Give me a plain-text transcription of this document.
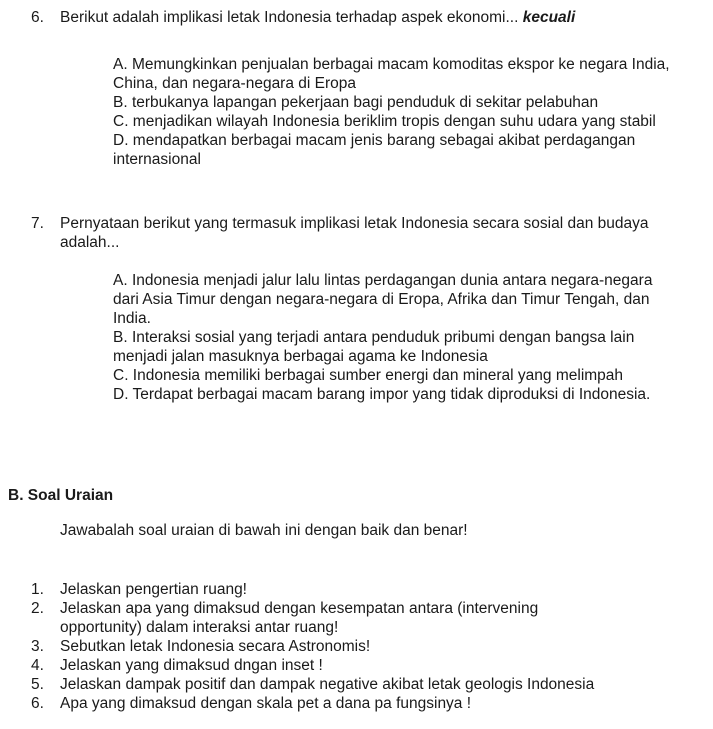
6. Berikut adalah implikasi letak Indonesia terhadap aspek ekonomi... kecuali

A. Memungkinkan penjualan berbagai macam komoditas ekspor ke negara India, China, dan negara-negara di Eropa

B. terbukanya lapangan pekerjaan bagi penduduk di sekitar pelabuhan

C. menjadikan wilayah Indonesia beriklim tropis dengan suhu udara yang stabil

D. mendapatkan berbagai macam jenis barang sebagai akibat perdagangan internasional

7. Pernyataan berikut yang termasuk implikasi letak Indonesia secara sosial dan budaya adalah...

A. Indonesia menjadi jalur lalu lintas perdagangan dunia antara negara-negara dari Asia Timur dengan negara-negara di Eropa, Afrika dan Timur Tengah, dan India.

B. Interaksi sosial yang terjadi antara penduduk pribumi dengan bangsa lain menjadi jalan masuknya berbagai agama ke Indonesia

C. Indonesia memiliki berbagai sumber energi dan mineral yang melimpah

D. Terdapat berbagai macam barang impor yang tidak diproduksi di Indonesia.

B. Soal Uraian
Jawabalah soal uraian di bawah ini dengan baik dan benar!
1. Jelaskan pengertian ruang!
2. Jelaskan apa yang dimaksud dengan kesempatan antara (intervening opportunity) dalam interaksi antar ruang!
3. Sebutkan letak Indonesia secara Astronomis!
4. Jelaskan yang dimaksud dngan inset !
5. Jelaskan dampak positif dan dampak negative akibat letak geologis Indonesia
6. Apa yang dimaksud dengan skala pet a dana pa fungsinya !
